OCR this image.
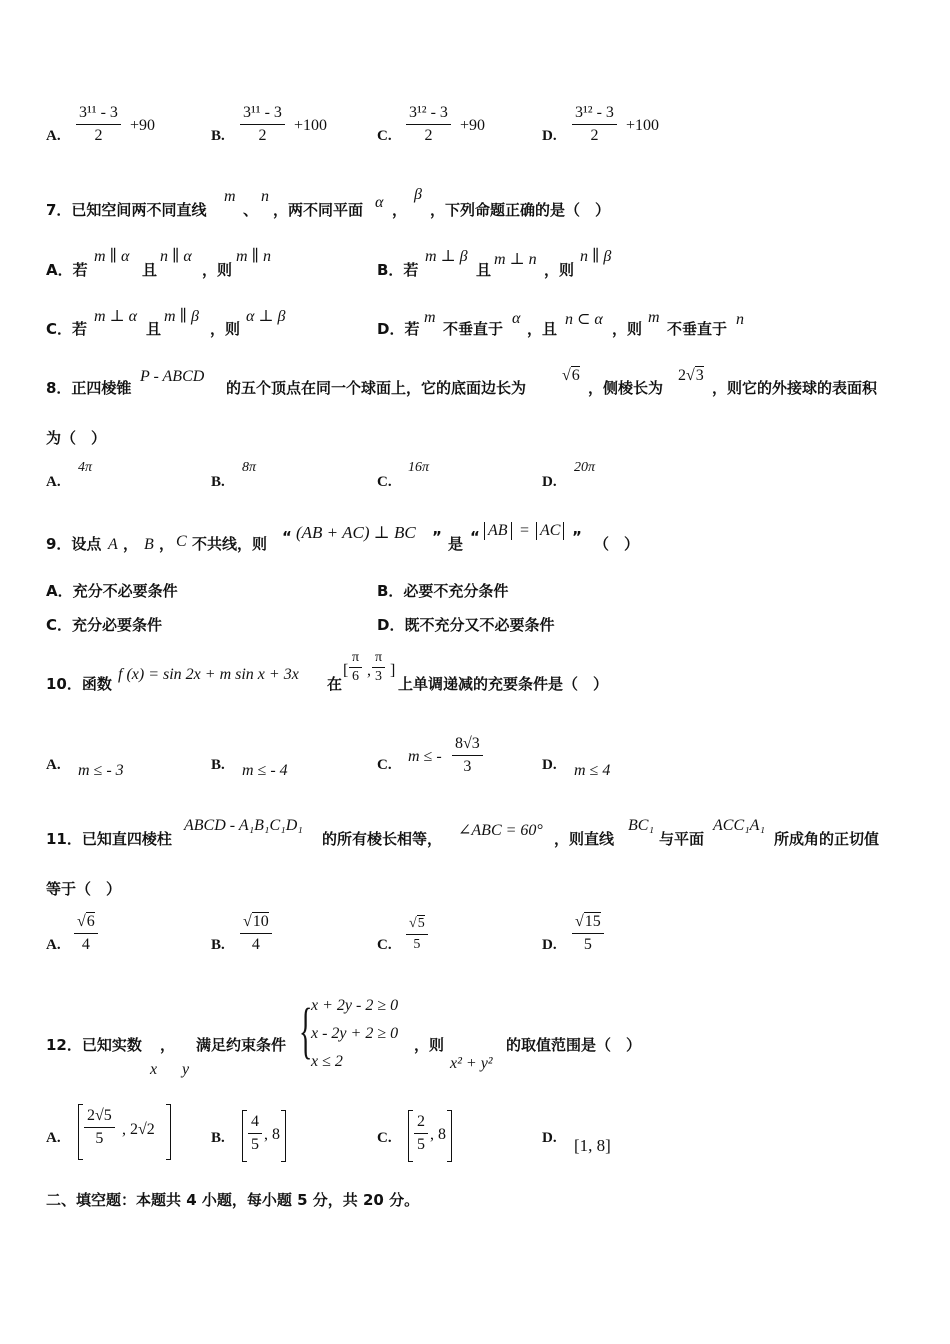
A. $\frac{\text{3¹¹ - 3}}{2} +90$
B. $\frac{\text{3¹¹ - 3}}{2} +100$
C. $\frac{\text{3¹² - 3}}{2} +90$
D. $\frac{\text{3¹² - 3}}{2} +100$
7．已知空间两不同直线
m
、
n
，两不同平面 α ，
β
，下列命题正确的是（　）
A．若
m ∥ α
且
n ∥ α
，则
m ∥ n
B．若
m ⊥ β
且
m ⊥ n
，则
n ∥ β
C．若
m ⊥ α
且
m ∥ β
，则
α ⊥ β
D．若
m
不垂直于
α
，且
n ⊂ α
，则
m
不垂直于
n
8．正四棱锥
P - ABCD
的五个顶点在同一个球面上，它的底面边长为
√6
，侧棱长为
2√3
，则它的外接球的表面积
为（　）
A.
4π
B.
8π
C.
16π
D.
20π
9．设点 A ， B ， C 不共线，则 “ (AB + AC) ⊥ BC ” 是 “ AB = AC ” （　）
A．充分不必要条件	B．必要不充分条件
C．充分必要条件	D．既不充分又不必要条件
10．函数
f (x) = sin 2x + m sin x + 3x
在
[ $\frac{\pi}{6}$ , $\frac{\pi}{3}$ ]
上单调递减的充要条件是（　）
A. m ≤ - 3	B. m ≤ - 4	C. m ≤ - $\frac{8√3}{3}$	D. m ≤ 4
11．已知直四棱柱
ABCD - A₁B₁C₁D₁
的所有棱长相等， ∠ABC = 60° ，则直线
BC₁
与平面
ACC₁A₁
所成角的正切值
等于（　）
A. $\frac{√6}{4}$	B. $\frac{√10}{4}$	C. $\frac{√5}{5}$	D. $\frac{√15}{5}$
12．已知实数 ， 满足约束条件
x y
{
x + 2y - 2 ≥ 0
x - 2y + 2 ≥ 0
x ≤ 2
，则
x² + y²
的取值范围是（　）
A. $\frac{2√5}{5}$ , 2√2	B. $\frac{4}{5}$ , 8	C. $\frac{2}{5}$ , 8	D. [1, 8]
二、填空题：本题共 4 小题，每小题 5 分，共 20 分。
